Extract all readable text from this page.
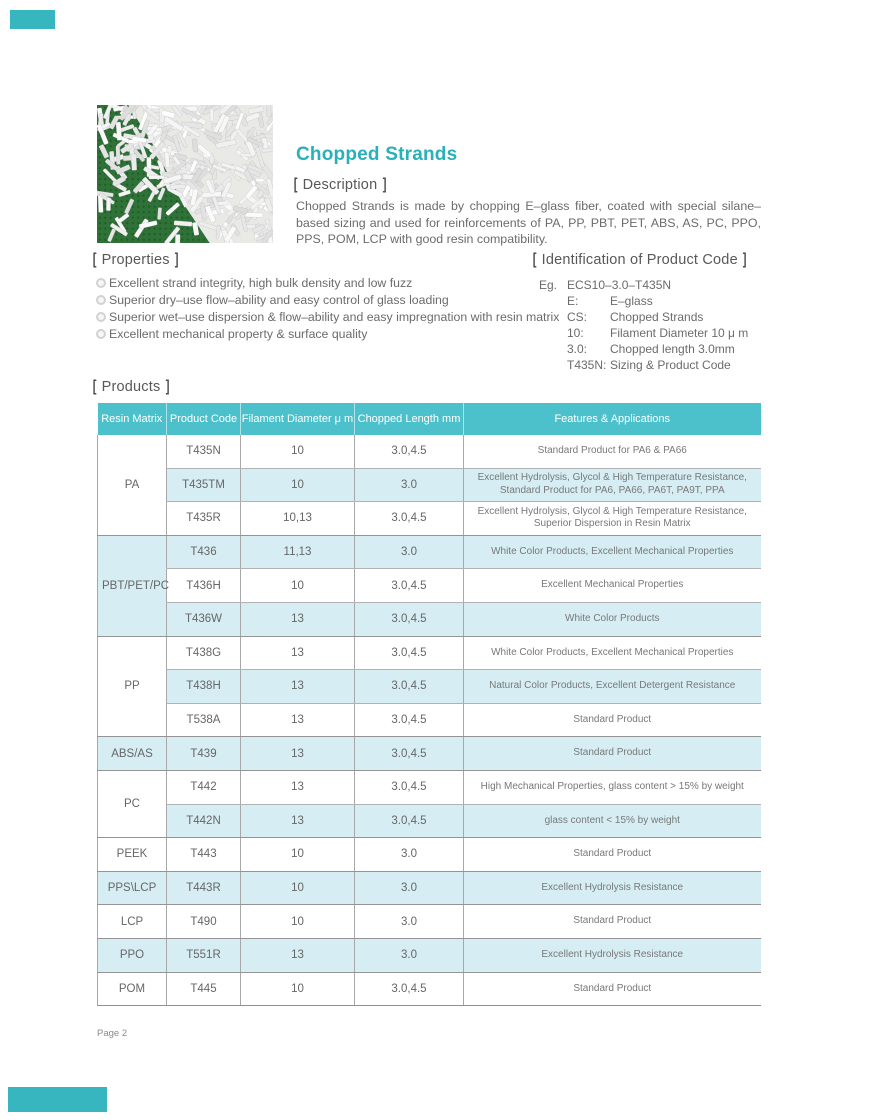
Chopped Strands
[ Description ]
Chopped Strands is made by chopping E–glass fiber, coated with special silane–based sizing and used for reinforcements of PA, PP, PBT, PET, ABS, AS, PC, PPO, PPS, POM, LCP with good resin compatibility.
[ Properties ]
Excellent strand integrity, high bulk density and low fuzz
Superior dry–use flow–ability and easy control of glass loading
Superior wet–use dispersion & flow–ability and easy impregnation with resin matrix
Excellent mechanical property & surface quality
[ Identification of Product Code ]
Eg. ECS10–3.0–T435N
E:	E–glass
CS:	Chopped Strands
10:	Filament Diameter 10 μ m
3.0:	Chopped length 3.0mm
T435N: Sizing & Product Code
[ Products ]
Resin Matrix	Product Code	Filament Diameter μ m	Chopped Length mm	Features & Applications
PA	T435N	10	3.0,4.5	Standard Product for PA6 & PA66
	T435TM	10	3.0	Excellent Hydrolysis, Glycol & High Temperature Resistance, Standard Product for PA6, PA66, PA6T, PA9T, PPA
	T435R	10,13	3.0,4.5	Excellent Hydrolysis, Glycol & High Temperature Resistance, Superior Dispersion in Resin Matrix
PBT/PET/PC	T436	11,13	3.0	White Color Products, Excellent Mechanical Properties
	T436H	10	3.0,4.5	Excellent Mechanical Properties
	T436W	13	3.0,4.5	White Color Products
PP	T438G	13	3.0,4.5	White Color Products, Excellent Mechanical Properties
	T438H	13	3.0,4.5	Natural Color Products, Excellent Detergent Resistance
	T538A	13	3.0,4.5	Standard Product
ABS/AS	T439	13	3.0,4.5	Standard Product
PC	T442	13	3.0,4.5	High Mechanical Properties, glass content > 15% by weight
	T442N	13	3.0,4.5	glass content < 15% by weight
PEEK	T443	10	3.0	Standard Product
PPS\LCP	T443R	10	3.0	Excellent Hydrolysis Resistance
LCP	T490	10	3.0	Standard Product
PPO	T551R	13	3.0	Excellent Hydrolysis Resistance
POM	T445	10	3.0,4.5	Standard Product
Page 2
